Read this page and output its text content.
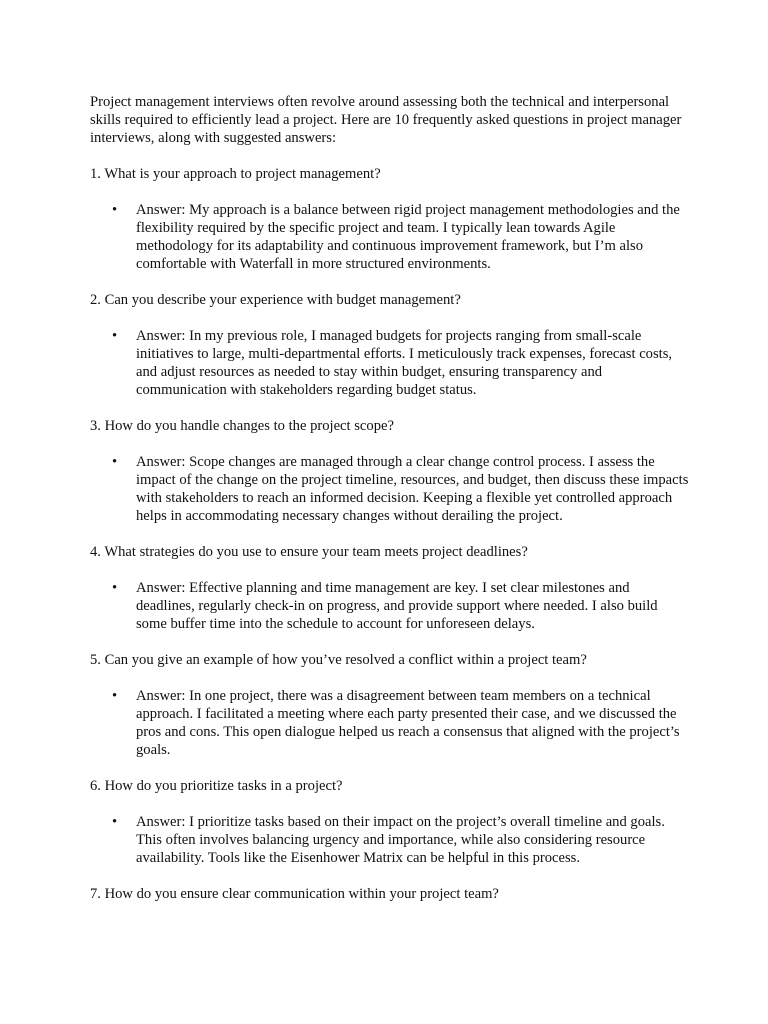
Project management interviews often revolve around assessing both the technical and interpersonal skills required to efficiently lead a project. Here are 10 frequently asked questions in project manager interviews, along with suggested answers:

1. What is your approach to project management?

• Answer: My approach is a balance between rigid project management methodologies and the flexibility required by the specific project and team. I typically lean towards Agile methodology for its adaptability and continuous improvement framework, but I’m also comfortable with Waterfall in more structured environments.

2. Can you describe your experience with budget management?

• Answer: In my previous role, I managed budgets for projects ranging from small-scale initiatives to large, multi-departmental efforts. I meticulously track expenses, forecast costs, and adjust resources as needed to stay within budget, ensuring transparency and communication with stakeholders regarding budget status.

3. How do you handle changes to the project scope?

• Answer: Scope changes are managed through a clear change control process. I assess the impact of the change on the project timeline, resources, and budget, then discuss these impacts with stakeholders to reach an informed decision. Keeping a flexible yet controlled approach helps in accommodating necessary changes without derailing the project.

4. What strategies do you use to ensure your team meets project deadlines?

• Answer: Effective planning and time management are key. I set clear milestones and deadlines, regularly check-in on progress, and provide support where needed. I also build some buffer time into the schedule to account for unforeseen delays.

5. Can you give an example of how you’ve resolved a conflict within a project team?

• Answer: In one project, there was a disagreement between team members on a technical approach. I facilitated a meeting where each party presented their case, and we discussed the pros and cons. This open dialogue helped us reach a consensus that aligned with the project’s goals.

6. How do you prioritize tasks in a project?

• Answer: I prioritize tasks based on their impact on the project’s overall timeline and goals. This often involves balancing urgency and importance, while also considering resource availability. Tools like the Eisenhower Matrix can be helpful in this process.

7. How do you ensure clear communication within your project team?
